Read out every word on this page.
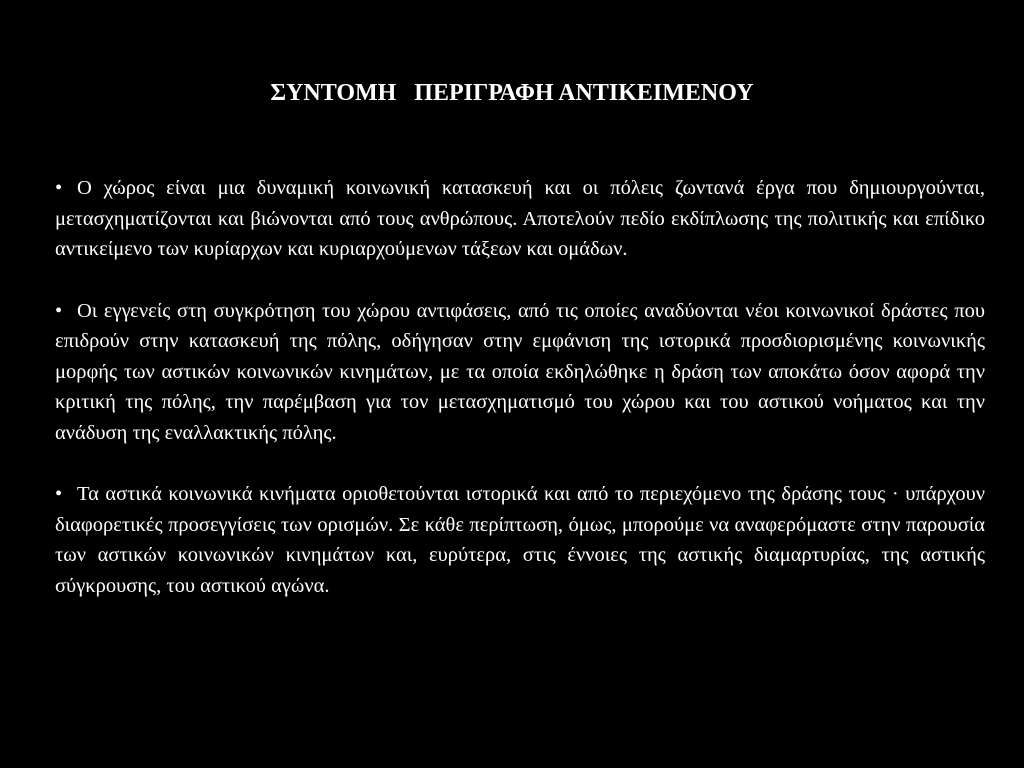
ΣΥΝΤΟΜΗ   ΠΕΡΙΓΡΑΦΗ ΑΝΤΙΚΕΙΜΕΝΟΥ

• Ο χώρος είναι μια δυναμική κοινωνική κατασκευή και οι πόλεις ζωντανά έργα που δημιουργούνται, μετασχηματίζονται και βιώνονται από τους ανθρώπους. Αποτελούν πεδίο εκδίπλωσης της πολιτικής και επίδικο αντικείμενο των κυρίαρχων και κυριαρχούμενων τάξεων και ομάδων.

• Οι εγγενείς στη συγκρότηση του χώρου αντιφάσεις, από τις οποίες αναδύονται νέοι κοινωνικοί δράστες που επιδρούν στην κατασκευή της πόλης, οδήγησαν στην εμφάνιση της ιστορικά προσδιορισμένης κοινωνικής μορφής των αστικών κοινωνικών κινημάτων, με τα οποία εκδηλώθηκε η δράση των αποκάτω όσον αφορά την κριτική της πόλης, την παρέμβαση για τον μετασχηματισμό του χώρου και του αστικού νοήματος και την ανάδυση της εναλλακτικής πόλης.

• Τα αστικά κοινωνικά κινήματα οριοθετούνται ιστορικά και από το περιεχόμενο της δράσης τους · υπάρχουν διαφορετικές προσεγγίσεις των ορισμών. Σε κάθε περίπτωση, όμως, μπορούμε να αναφερόμαστε στην παρουσία των αστικών κοινωνικών κινημάτων και, ευρύτερα, στις έννοιες της αστικής διαμαρτυρίας, της αστικής σύγκρουσης, του αστικού αγώνα.
